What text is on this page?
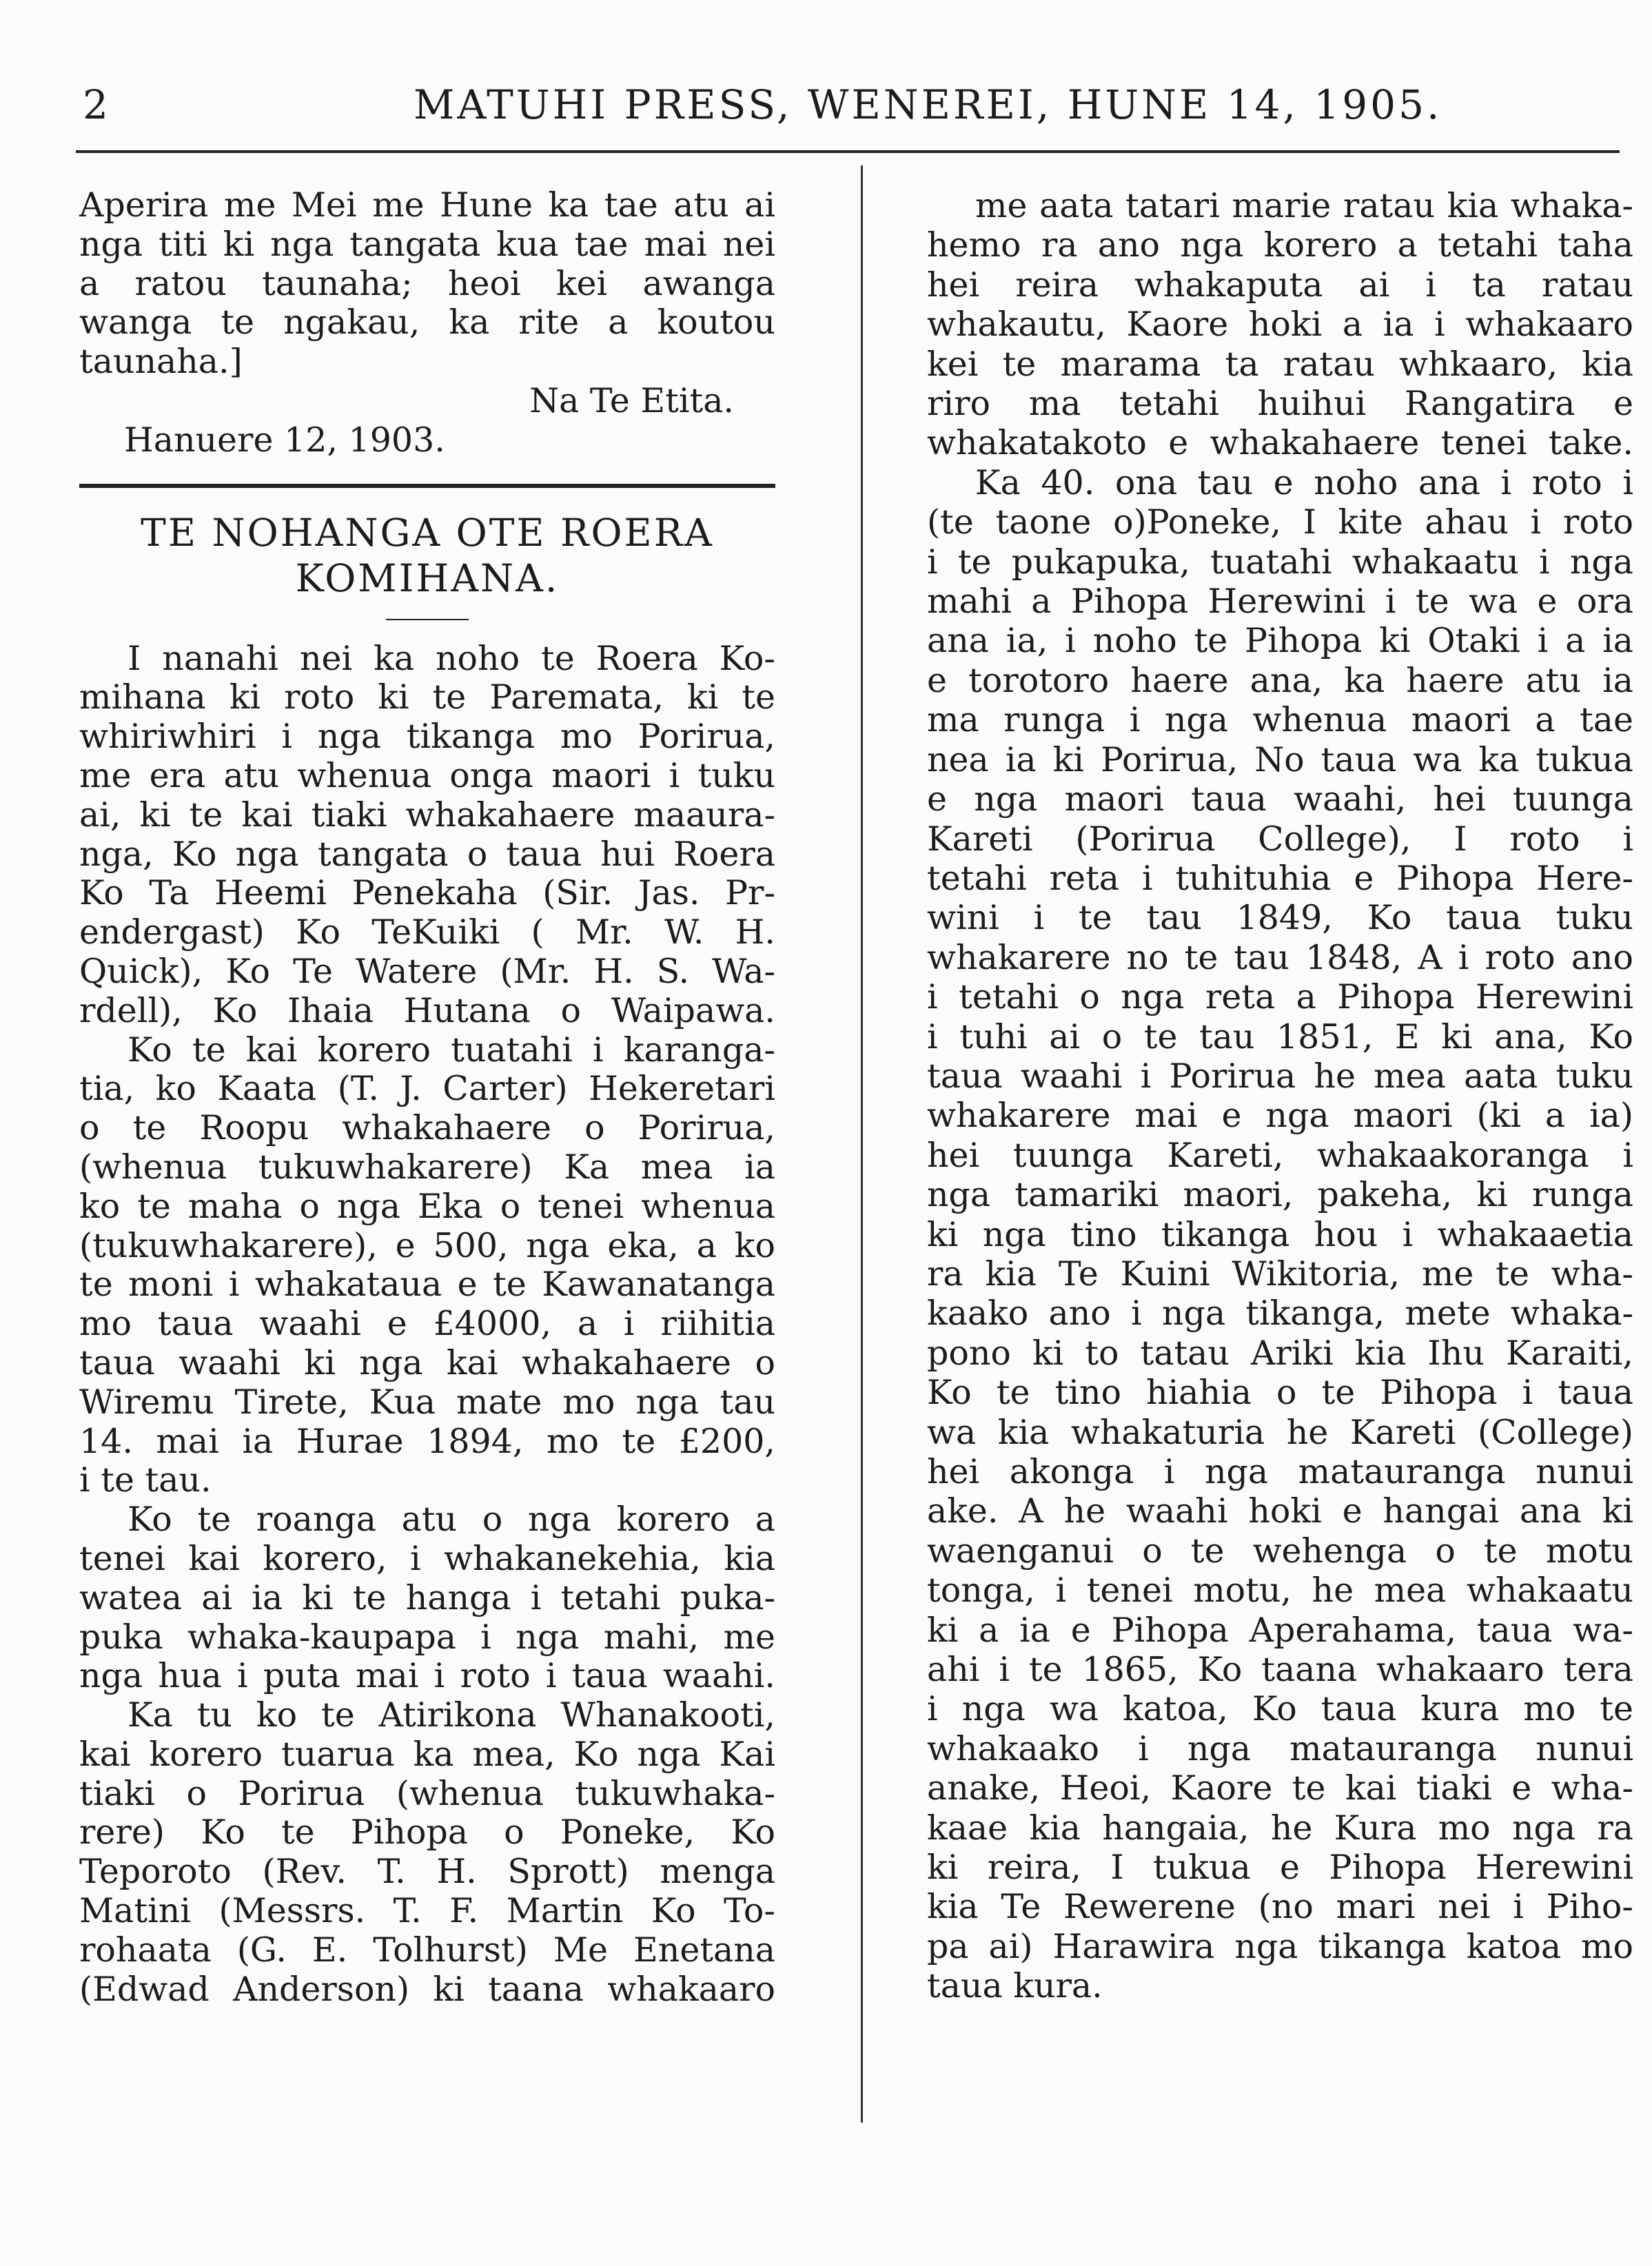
2	MATUHI PRESS, WENEREI, HUNE 14, 1905.
Aperira me Mei me Hune ka tae atu ai
nga titi ki nga tangata kua tae mai nei
a ratou taunaha; heoi kei awanga
wanga te ngakau, ka rite a koutou
taunaha.]
Na Te Etita.
Hanuere 12, 1903.
TE NOHANGA OTE ROERA
KOMIHANA.
I nanahi nei ka noho te Roera Ko-
mihana ki roto ki te Paremata, ki te
whiriwhiri i nga tikanga mo Porirua,
me era atu whenua onga maori i tuku
ai, ki te kai tiaki whakahaere maaura-
nga, Ko nga tangata o taua hui Roera
Ko Ta Heemi Penekaha (Sir. Jas. Pr-
endergast) Ko TeKuiki ( Mr. W. H.
Quick), Ko Te Watere (Mr. H. S. Wa-
rdell), Ko Ihaia Hutana o Waipawa.
Ko te kai korero tuatahi i karanga-
tia, ko Kaata (T. J. Carter) Hekeretari
o te Roopu whakahaere o Porirua,
(whenua tukuwhakarere) Ka mea ia
ko te maha o nga Eka o tenei whenua
(tukuwhakarere), e 500, nga eka, a ko
te moni i whakataua e te Kawanatanga
mo taua waahi e £4000, a i riihitia
taua waahi ki nga kai whakahaere o
Wiremu Tirete, Kua mate mo nga tau
14. mai ia Hurae 1894, mo te £200,
i te tau.
Ko te roanga atu o nga korero a
tenei kai korero, i whakanekehia, kia
watea ai ia ki te hanga i tetahi puka-
puka whaka-kaupapa i nga mahi, me
nga hua i puta mai i roto i taua waahi.
Ka tu ko te Atirikona Whanakooti,
kai korero tuarua ka mea, Ko nga Kai
tiaki o Porirua (whenua tukuwhaka-
rere) Ko te Pihopa o Poneke, Ko
Teporoto (Rev. T. H. Sprott) menga
Matini (Messrs. T. F. Martin Ko To-
rohaata (G. E. Tolhurst) Me Enetana
(Edwad Anderson) ki taana whakaaro
me aata tatari marie ratau kia whaka-
hemo ra ano nga korero a tetahi taha
hei reira whakaputa ai i ta ratau
whakautu, Kaore hoki a ia i whakaaro
kei te marama ta ratau whkaaro, kia
riro ma tetahi huihui Rangatira e
whakatakoto e whakahaere tenei take.
Ka 40. ona tau e noho ana i roto i
(te taone o)Poneke, I kite ahau i roto
i te pukapuka, tuatahi whakaatu i nga
mahi a Pihopa Herewini i te wa e ora
ana ia, i noho te Pihopa ki Otaki i a ia
e torotoro haere ana, ka haere atu ia
ma runga i nga whenua maori a tae
nea ia ki Porirua, No taua wa ka tukua
e nga maori taua waahi, hei tuunga
Kareti (Porirua College), I roto i
tetahi reta i tuhituhia e Pihopa Here-
wini i te tau 1849, Ko taua tuku
whakarere no te tau 1848, A i roto ano
i tetahi o nga reta a Pihopa Herewini
i tuhi ai o te tau 1851, E ki ana, Ko
taua waahi i Porirua he mea aata tuku
whakarere mai e nga maori (ki a ia)
hei tuunga Kareti, whakaakoranga i
nga tamariki maori, pakeha, ki runga
ki nga tino tikanga hou i whakaaetia
ra kia Te Kuini Wikitoria, me te wha-
kaako ano i nga tikanga, mete whaka-
pono ki to tatau Ariki kia Ihu Karaiti,
Ko te tino hiahia o te Pihopa i taua
wa kia whakaturia he Kareti (College)
hei akonga i nga matauranga nunui
ake. A he waahi hoki e hangai ana ki
waenganui o te wehenga o te motu
tonga, i tenei motu, he mea whakaatu
ki a ia e Pihopa Aperahama, taua wa-
ahi i te 1865, Ko taana whakaaro tera
i nga wa katoa, Ko taua kura mo te
whakaako i nga matauranga nunui
anake, Heoi, Kaore te kai tiaki e wha-
kaae kia hangaia, he Kura mo nga ra
ki reira, I tukua e Pihopa Herewini
kia Te Rewerene (no mari nei i Piho-
pa ai) Harawira nga tikanga katoa mo
taua kura.
